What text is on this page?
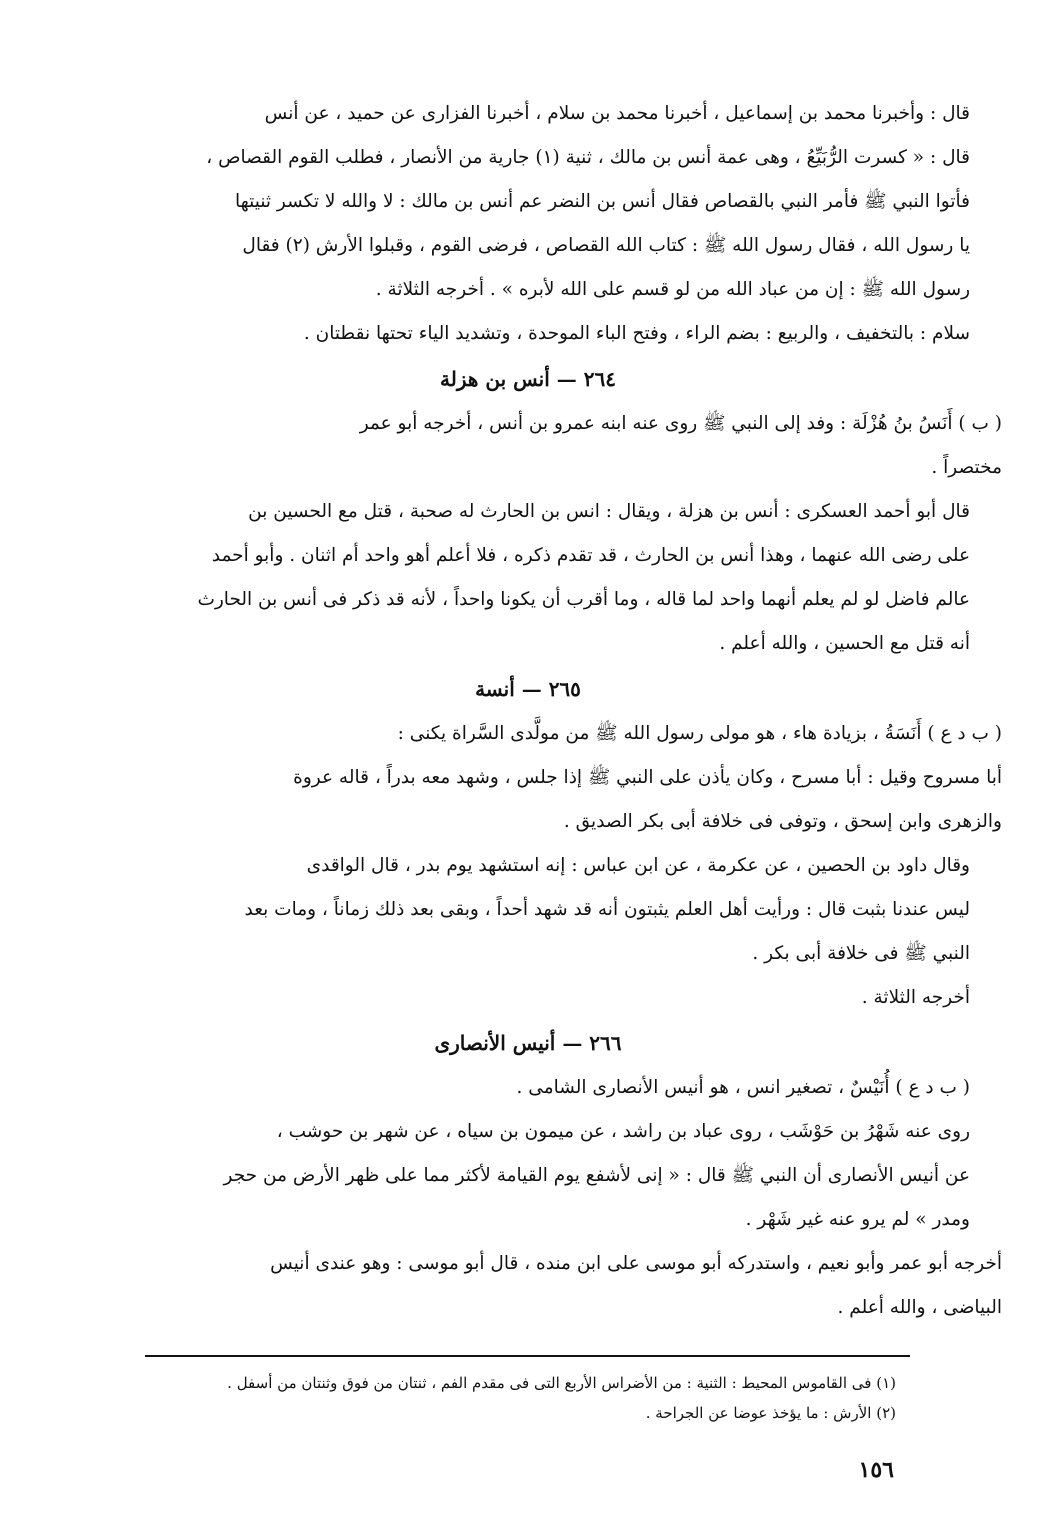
قال : وأخبرنا محمد بن إسماعيل ، أخبرنا محمد بن سلام ، أخبرنا الفزارى عن حميد ، عن أنس
قال : « كسرت الرُّبَيِّعُ ، وهى عمة أنس بن مالك ، ثنية (١) جارية من الأنصار ، فطلب القوم القصاص ،
فأتوا النبي ﷺ فأمر النبي بالقصاص فقال أنس بن النضر عم أنس بن مالك : لا والله لا تكسر ثنيتها
يا رسول الله ، فقال رسول الله ﷺ : كتاب الله القصاص ، فرضى القوم ، وقبلوا الأرش (٢) فقال
رسول الله ﷺ : إن من عباد الله من لو قسم على الله لأبره » . أخرجه الثلاثة .

سلام : بالتخفيف ، والربيع : بضم الراء ، وفتح الباء الموحدة ، وتشديد الياء تحتها نقطتان .

٢٦٤ — أنس بن هزلة

( ب ) أَنَسُ بنُ هُزْلَة : وفد إلى النبي ﷺ روى عنه ابنه عمرو بن أنس ، أخرجه أبو عمر
مختصراً .

قال أبو أحمد العسكرى : أنس بن هزلة ، ويقال : انس بن الحارث له صحبة ، قتل مع الحسين بن
على رضى الله عنهما ، وهذا أنس بن الحارث ، قد تقدم ذكره ، فلا أعلم أهو واحد أم اثنان . وأبو أحمد
عالم فاضل لو لم يعلم أنهما واحد لما قاله ، وما أقرب أن يكونا واحداً ، لأنه قد ذكر فى أنس بن الحارث
أنه قتل مع الحسين ، والله أعلم .

٢٦٥ — أنسة

( ب د ع ) أَنَسَةُ ، بزيادة هاء ، هو مولى رسول الله ﷺ من مولَّدى السَّراة يكنى :
أبا مسروح وقيل : أبا مسرح ، وكان يأذن على النبي ﷺ إذا جلس ، وشهد معه بدراً ، قاله عروة
والزهرى وابن إسحق ، وتوفى فى خلافة أبى بكر الصديق .

وقال داود بن الحصين ، عن عكرمة ، عن ابن عباس : إنه استشهد يوم بدر ، قال الواقدى
ليس عندنا بثبت قال : ورأيت أهل العلم يثبتون أنه قد شهد أحداً ، وبقى بعد ذلك زماناً ، ومات بعد
النبي ﷺ فى خلافة أبى بكر .

أخرجه الثلاثة .

٢٦٦ — أنيس الأنصارى

( ب د ع ) أُنَيْسٌ ، تصغير انس ، هو أنيس الأنصارى الشامى .

روى عنه شَهْرُ بن حَوْشَب ، روى عباد بن راشد ، عن ميمون بن سياه ، عن شهر بن حوشب ،
عن أنيس الأنصارى أن النبي ﷺ قال : « إنى لأشفع يوم القيامة لأكثر مما على ظهر الأرض من حجر
ومدر » لم يرو عنه غير شَهْر .

أخرجه أبو عمر وأبو نعيم ، واستدركه أبو موسى على ابن منده ، قال أبو موسى : وهو عندى أنيس
البياضى ، والله أعلم .

(١) فى القاموس المحيط : الثنية : من الأضراس الأربع التى فى مقدم الفم ، ثنتان من فوق وثنتان من أسفل .
(٢) الأرش : ما يؤخذ عوضا عن الجراحة .
١٥٦
